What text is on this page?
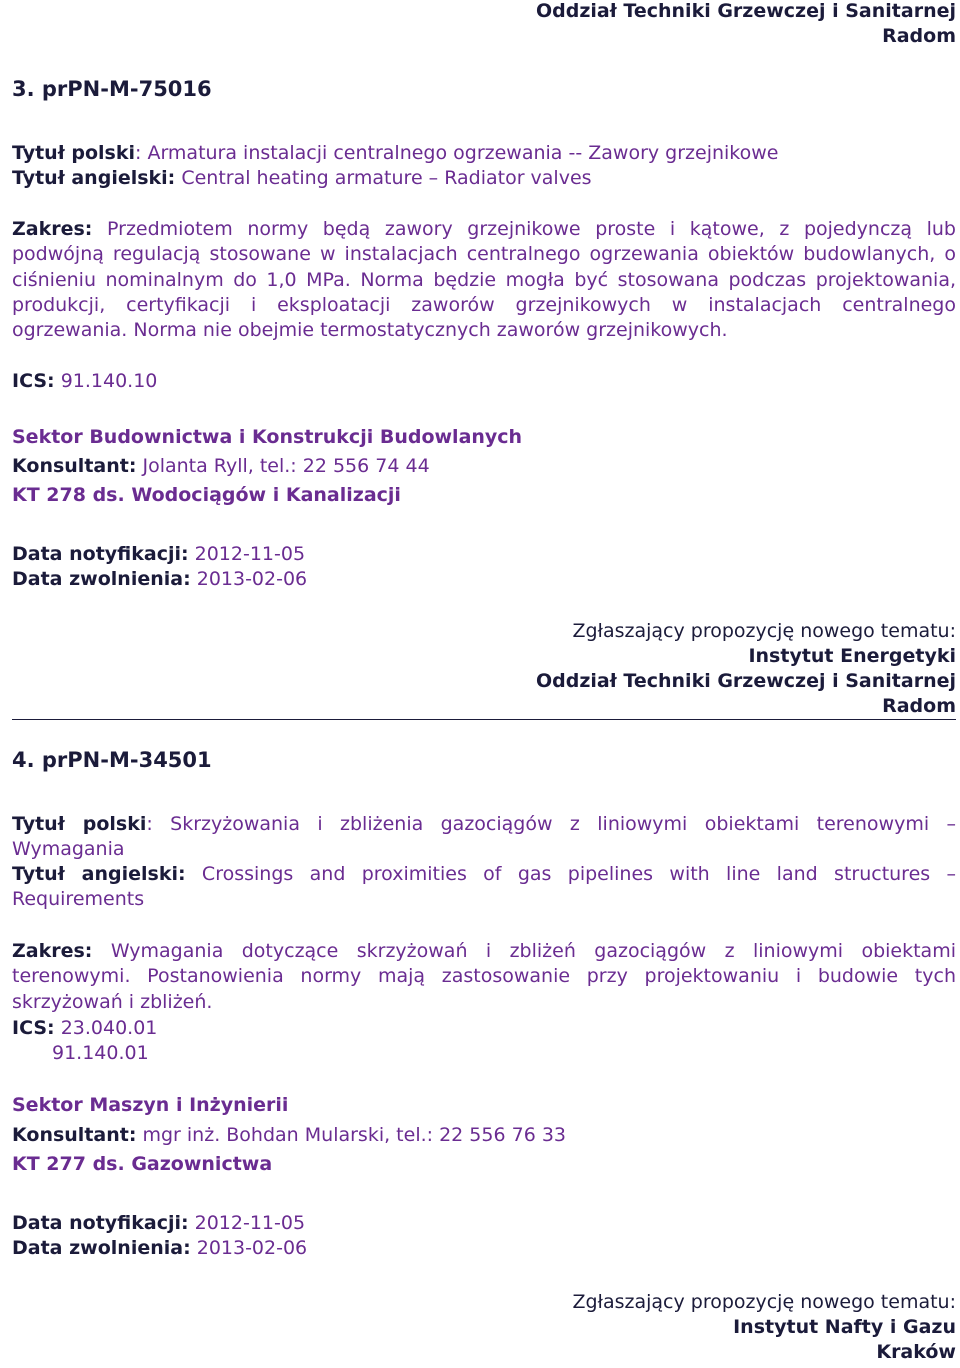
Oddział Techniki Grzewczej i Sanitarnej
Radom
3. prPN-M-75016
Tytuł polski: Armatura instalacji centralnego ogrzewania -- Zawory grzejnikowe
Tytuł angielski: Central heating armature – Radiator valves
Zakres: Przedmiotem normy będą zawory grzejnikowe proste i kątowe, z pojedynczą lub podwójną regulacją stosowane w instalacjach centralnego ogrzewania obiektów budowlanych, o ciśnieniu nominalnym do 1,0 MPa. Norma będzie mogła być stosowana podczas projektowania, produkcji, certyfikacji i eksploatacji zaworów grzejnikowych w instalacjach centralnego ogrzewania. Norma nie obejmie termostatycznych zaworów grzejnikowych.
ICS: 91.140.10
Sektor Budownictwa i Konstrukcji Budowlanych
Konsultant: Jolanta Ryll, tel.: 22 556 74 44
KT 278 ds. Wodociągów i Kanalizacji
Data notyfikacji: 2012-11-05
Data zwolnienia: 2013-02-06
Zgłaszający propozycję nowego tematu:
Instytut Energetyki
Oddział Techniki Grzewczej i Sanitarnej
Radom
4. prPN-M-34501
Tytuł polski: Skrzyżowania i zbliżenia gazociągów z liniowymi obiektami terenowymi – Wymagania
Tytuł angielski: Crossings and proximities of gas pipelines with line land structures – Requirements
Zakres: Wymagania dotyczące skrzyżowań i zbliżeń gazociągów z liniowymi obiektami terenowymi. Postanowienia normy mają zastosowanie przy projektowaniu i budowie tych skrzyżowań i zbliżeń.
ICS: 23.040.01
91.140.01
Sektor Maszyn i Inżynierii
Konsultant: mgr inż. Bohdan Mularski, tel.: 22 556 76 33
KT 277 ds. Gazownictwa
Data notyfikacji: 2012-11-05
Data zwolnienia: 2013-02-06
Zgłaszający propozycję nowego tematu:
Instytut Nafty i Gazu
Kraków
